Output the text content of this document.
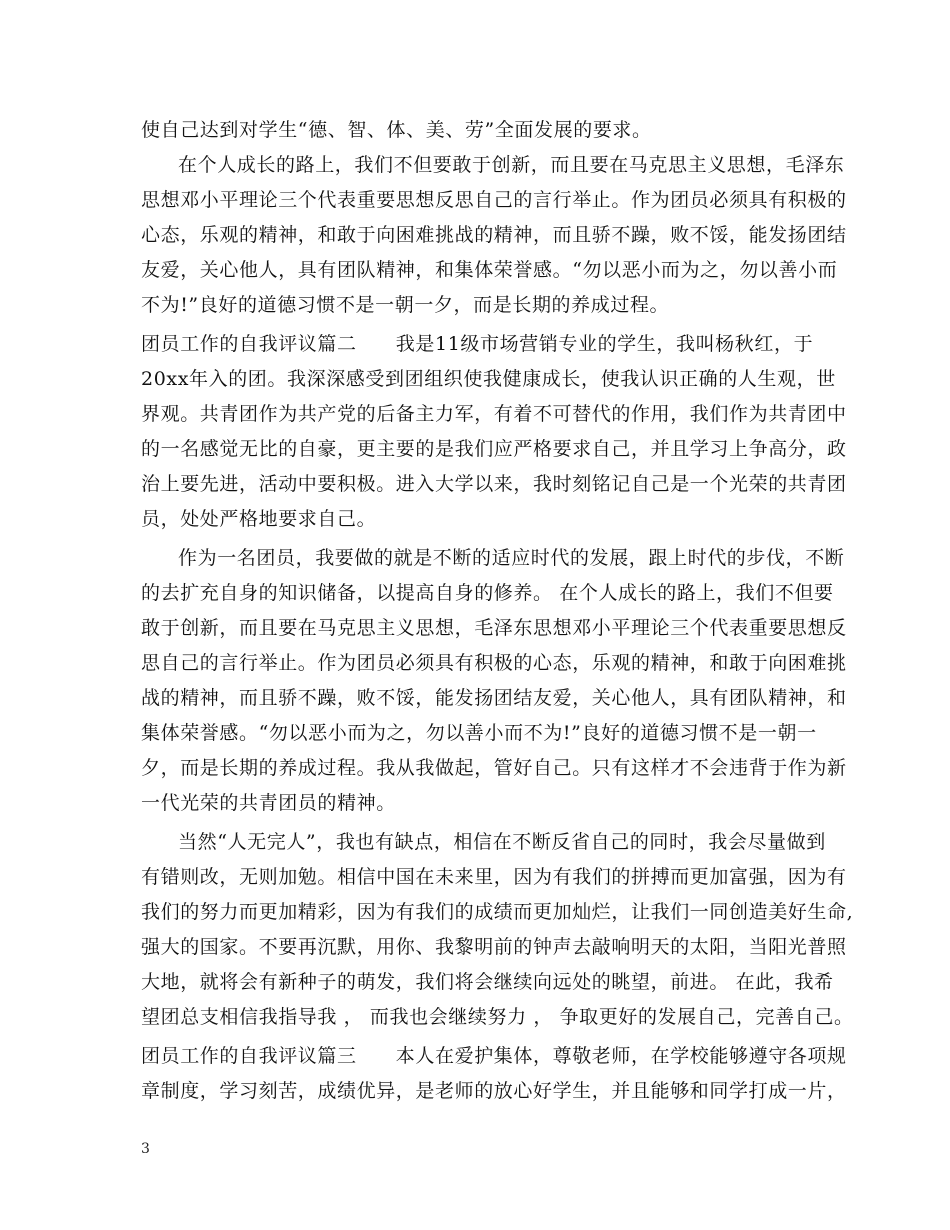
使自己达到对学生“德、智、体、美、劳”全面发展的要求。
在个人成长的路上，我们不但要敢于创新，而且要在马克思主义思想，毛泽东
思想邓小平理论三个代表重要思想反思自己的言行举止。作为团员必须具有积极的
心态，乐观的精神，和敢于向困难挑战的精神，而且骄不躁，败不馁，能发扬团结
友爱，关心他人，具有团队精神，和集体荣誉感。“勿以恶小而为之，勿以善小而
不为!”良好的道德习惯不是一朝一夕，而是长期的养成过程。
团员工作的自我评议篇二　　我是11级市场营销专业的学生，我叫杨秋红，于
20xx年入的团。我深深感受到团组织使我健康成长，使我认识正确的人生观，世
界观。共青团作为共产党的后备主力军，有着不可替代的作用，我们作为共青团中
的一名感觉无比的自豪，更主要的是我们应严格要求自己，并且学习上争高分，政
治上要先进，活动中要积极。进入大学以来，我时刻铭记自己是一个光荣的共青团
员，处处严格地要求自己。
作为一名团员，我要做的就是不断的适应时代的发展，跟上时代的步伐，不断
的去扩充自身的知识储备，以提高自身的修养。 在个人成长的路上，我们不但要
敢于创新，而且要在马克思主义思想，毛泽东思想邓小平理论三个代表重要思想反
思自己的言行举止。作为团员必须具有积极的心态，乐观的精神，和敢于向困难挑
战的精神，而且骄不躁，败不馁，能发扬团结友爱，关心他人，具有团队精神，和
集体荣誉感。“勿以恶小而为之，勿以善小而不为!”良好的道德习惯不是一朝一
夕，而是长期的养成过程。我从我做起，管好自己。只有这样才不会违背于作为新
一代光荣的共青团员的精神。
当然“人无完人”，我也有缺点，相信在不断反省自己的同时，我会尽量做到
有错则改，无则加勉。相信中国在未来里，因为有我们的拼搏而更加富强，因为有
我们的努力而更加精彩，因为有我们的成绩而更加灿烂，让我们一同创造美好生命,
强大的国家。不要再沉默，用你、我黎明前的钟声去敲响明天的太阳，当阳光普照
大地，就将会有新种子的萌发，我们将会继续向远处的眺望，前进。 在此，我希
望团总支相信我指导我 ， 而我也会继续努力 ， 争取更好的发展自己，完善自己。
团员工作的自我评议篇三　　本人在爱护集体，尊敬老师，在学校能够遵守各项规
章制度，学习刻苦，成绩优异，是老师的放心好学生，并且能够和同学打成一片，
3
